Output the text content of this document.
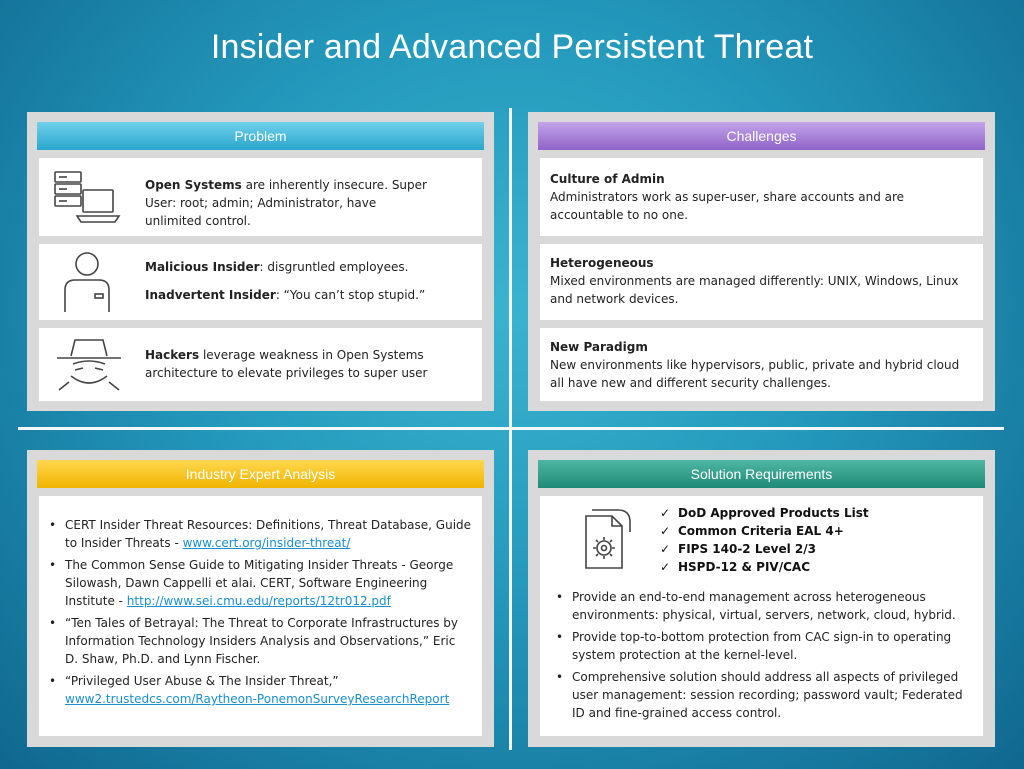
Insider and Advanced Persistent Threat
Problem
Open Systems are inherently insecure. Super User: root; admin; Administrator, have unlimited control.
Malicious Insider: disgruntled employees.
Inadvertent Insider: “You can’t stop stupid.”
Hackers leverage weakness in Open Systems architecture to elevate privileges to super user
Challenges
Culture of Admin
Administrators work as super-user, share accounts and are accountable to no one.
Heterogeneous
Mixed environments are managed differently: UNIX, Windows, Linux and network devices.
New Paradigm
New environments like hypervisors, public, private and hybrid cloud all have new and different security challenges.
Industry Expert Analysis
• CERT Insider Threat Resources: Definitions, Threat Database, Guide to Insider Threats - www.cert.org/insider-threat/
• The Common Sense Guide to Mitigating Insider Threats - George Silowash, Dawn Cappelli et alai. CERT, Software Engineering Institute - http://www.sei.cmu.edu/reports/12tr012.pdf
• “Ten Tales of Betrayal: The Threat to Corporate Infrastructures by Information Technology Insiders Analysis and Observations,” Eric D. Shaw, Ph.D. and Lynn Fischer.
• “Privileged User Abuse & The Insider Threat,”
www2.trustedcs.com/Raytheon-PonemonSurveyResearchReport
Solution Requirements
✓ DoD Approved Products List
✓ Common Criteria EAL 4+
✓ FIPS 140-2 Level 2/3
✓ HSPD-12 & PIV/CAC
• Provide an end-to-end management across heterogeneous environments: physical, virtual, servers, network, cloud, hybrid.
• Provide top-to-bottom protection from CAC sign-in to operating system protection at the kernel-level.
• Comprehensive solution should address all aspects of privileged user management: session recording; password vault; Federated ID and fine-grained access control.
